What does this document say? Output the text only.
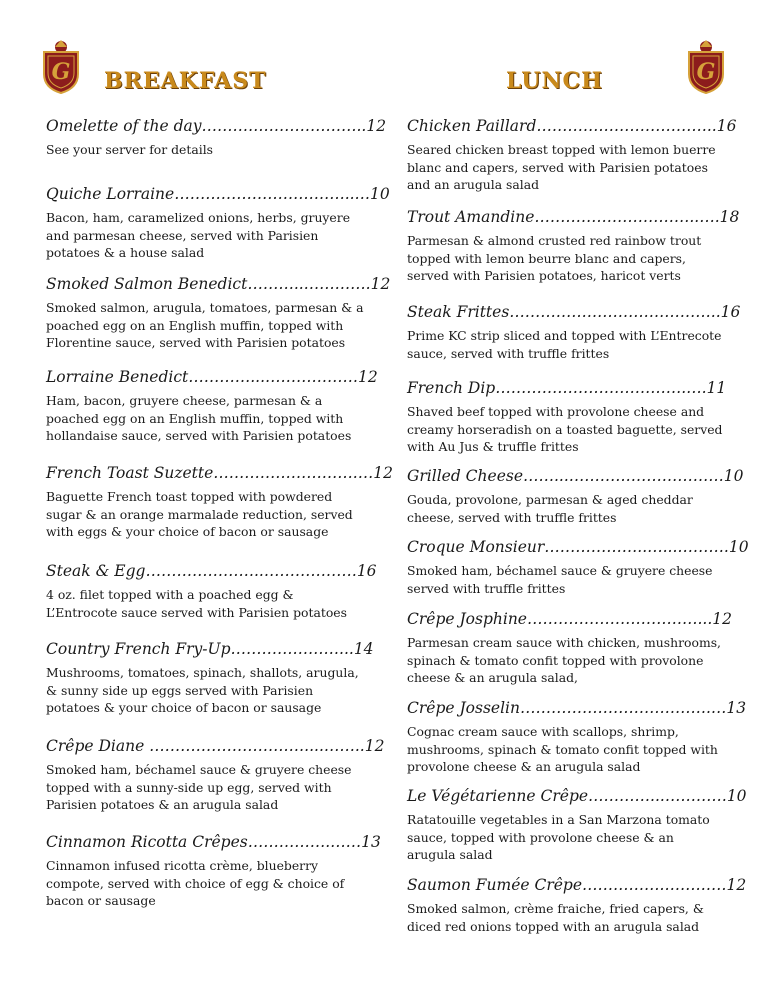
G	G
BREAKFAST	LUNCH
Omelette of the day…………………………..12
See your server for details
Quiche Lorraine……………………………..…10
Bacon, ham, caramelized onions, herbs, gruyere and parmesan cheese, served with Parisien potatoes & a house salad
Smoked Salmon Benedict………..………….12
Smoked salmon, arugula, tomatoes, parmesan & a poached egg on an English muffin, topped with Florentine sauce, served with Parisien potatoes
Lorraine Benedict…………...………………12
Ham, bacon, gruyere cheese, parmesan & a poached egg on an English muffin, topped with hollandaise sauce, served with Parisien potatoes
French Toast Suzette……………………….…12
Baguette French toast topped with powdered sugar & an orange marmalade reduction, served with eggs & your choice of bacon or sausage
Steak & Egg…………………..………………16
4 oz. filet topped with a poached egg & L’Entrocote sauce served with Parisien potatoes
Country French Fry-Up…………………...14
Mushrooms, tomatoes, spinach, shallots, arugula, & sunny side up eggs served with Parisien potatoes & your choice of bacon or sausage
Crêpe Diane …………………………....……..12
Smoked ham, béchamel sauce & gruyere cheese topped with a sunny-side up egg, served with Parisien potatoes & an arugula salad
Cinnamon Ricotta Crêpes…………….……13
Cinnamon infused ricotta crème, blueberry compote, served with choice of egg & choice of bacon or sausage
Chicken Paillard……………………………..16
Seared chicken breast topped with lemon buerre blanc and capers, served with Parisien potatoes and an arugula salad
Trout Amandine…………………………..….18
Parmesan & almond crusted red rainbow trout topped with lemon beurre blanc and capers, served with Parisien potatoes, haricot verts
Steak Frittes…………………………………..16
Prime KC strip sliced and topped with L’Entrecote sauce, served with truffle frittes
French Dip……………………………….….11
Shaved beef topped with provolone cheese and creamy horseradish on a toasted baguette, served with Au Jus & truffle frittes
Grilled Cheese……...…………………………10
Gouda, provolone, parmesan & aged cheddar cheese, served with truffle frittes
Croque Monsieur………………..…...……….10
Smoked ham, béchamel sauce & gruyere cheese served with truffle frittes
Crêpe Josphine……………………………...12
Parmesan cream sauce with chicken, mushrooms, spinach & tomato confit topped with provolone cheese & an arugula salad,
Crêpe Josselin……………………………….…13
Cognac cream sauce with scallops, shrimp, mushrooms, spinach & tomato confit topped with provolone cheese & an arugula salad
Le Végétarienne Crêpe…………...…………10
Ratatouille vegetables in a San Marzona tomato sauce, topped with provolone cheese & an arugula salad
Saumon Fumée Crêpe…………….…………12
Smoked salmon, crème fraiche, fried capers, & diced red onions topped with an arugula salad
